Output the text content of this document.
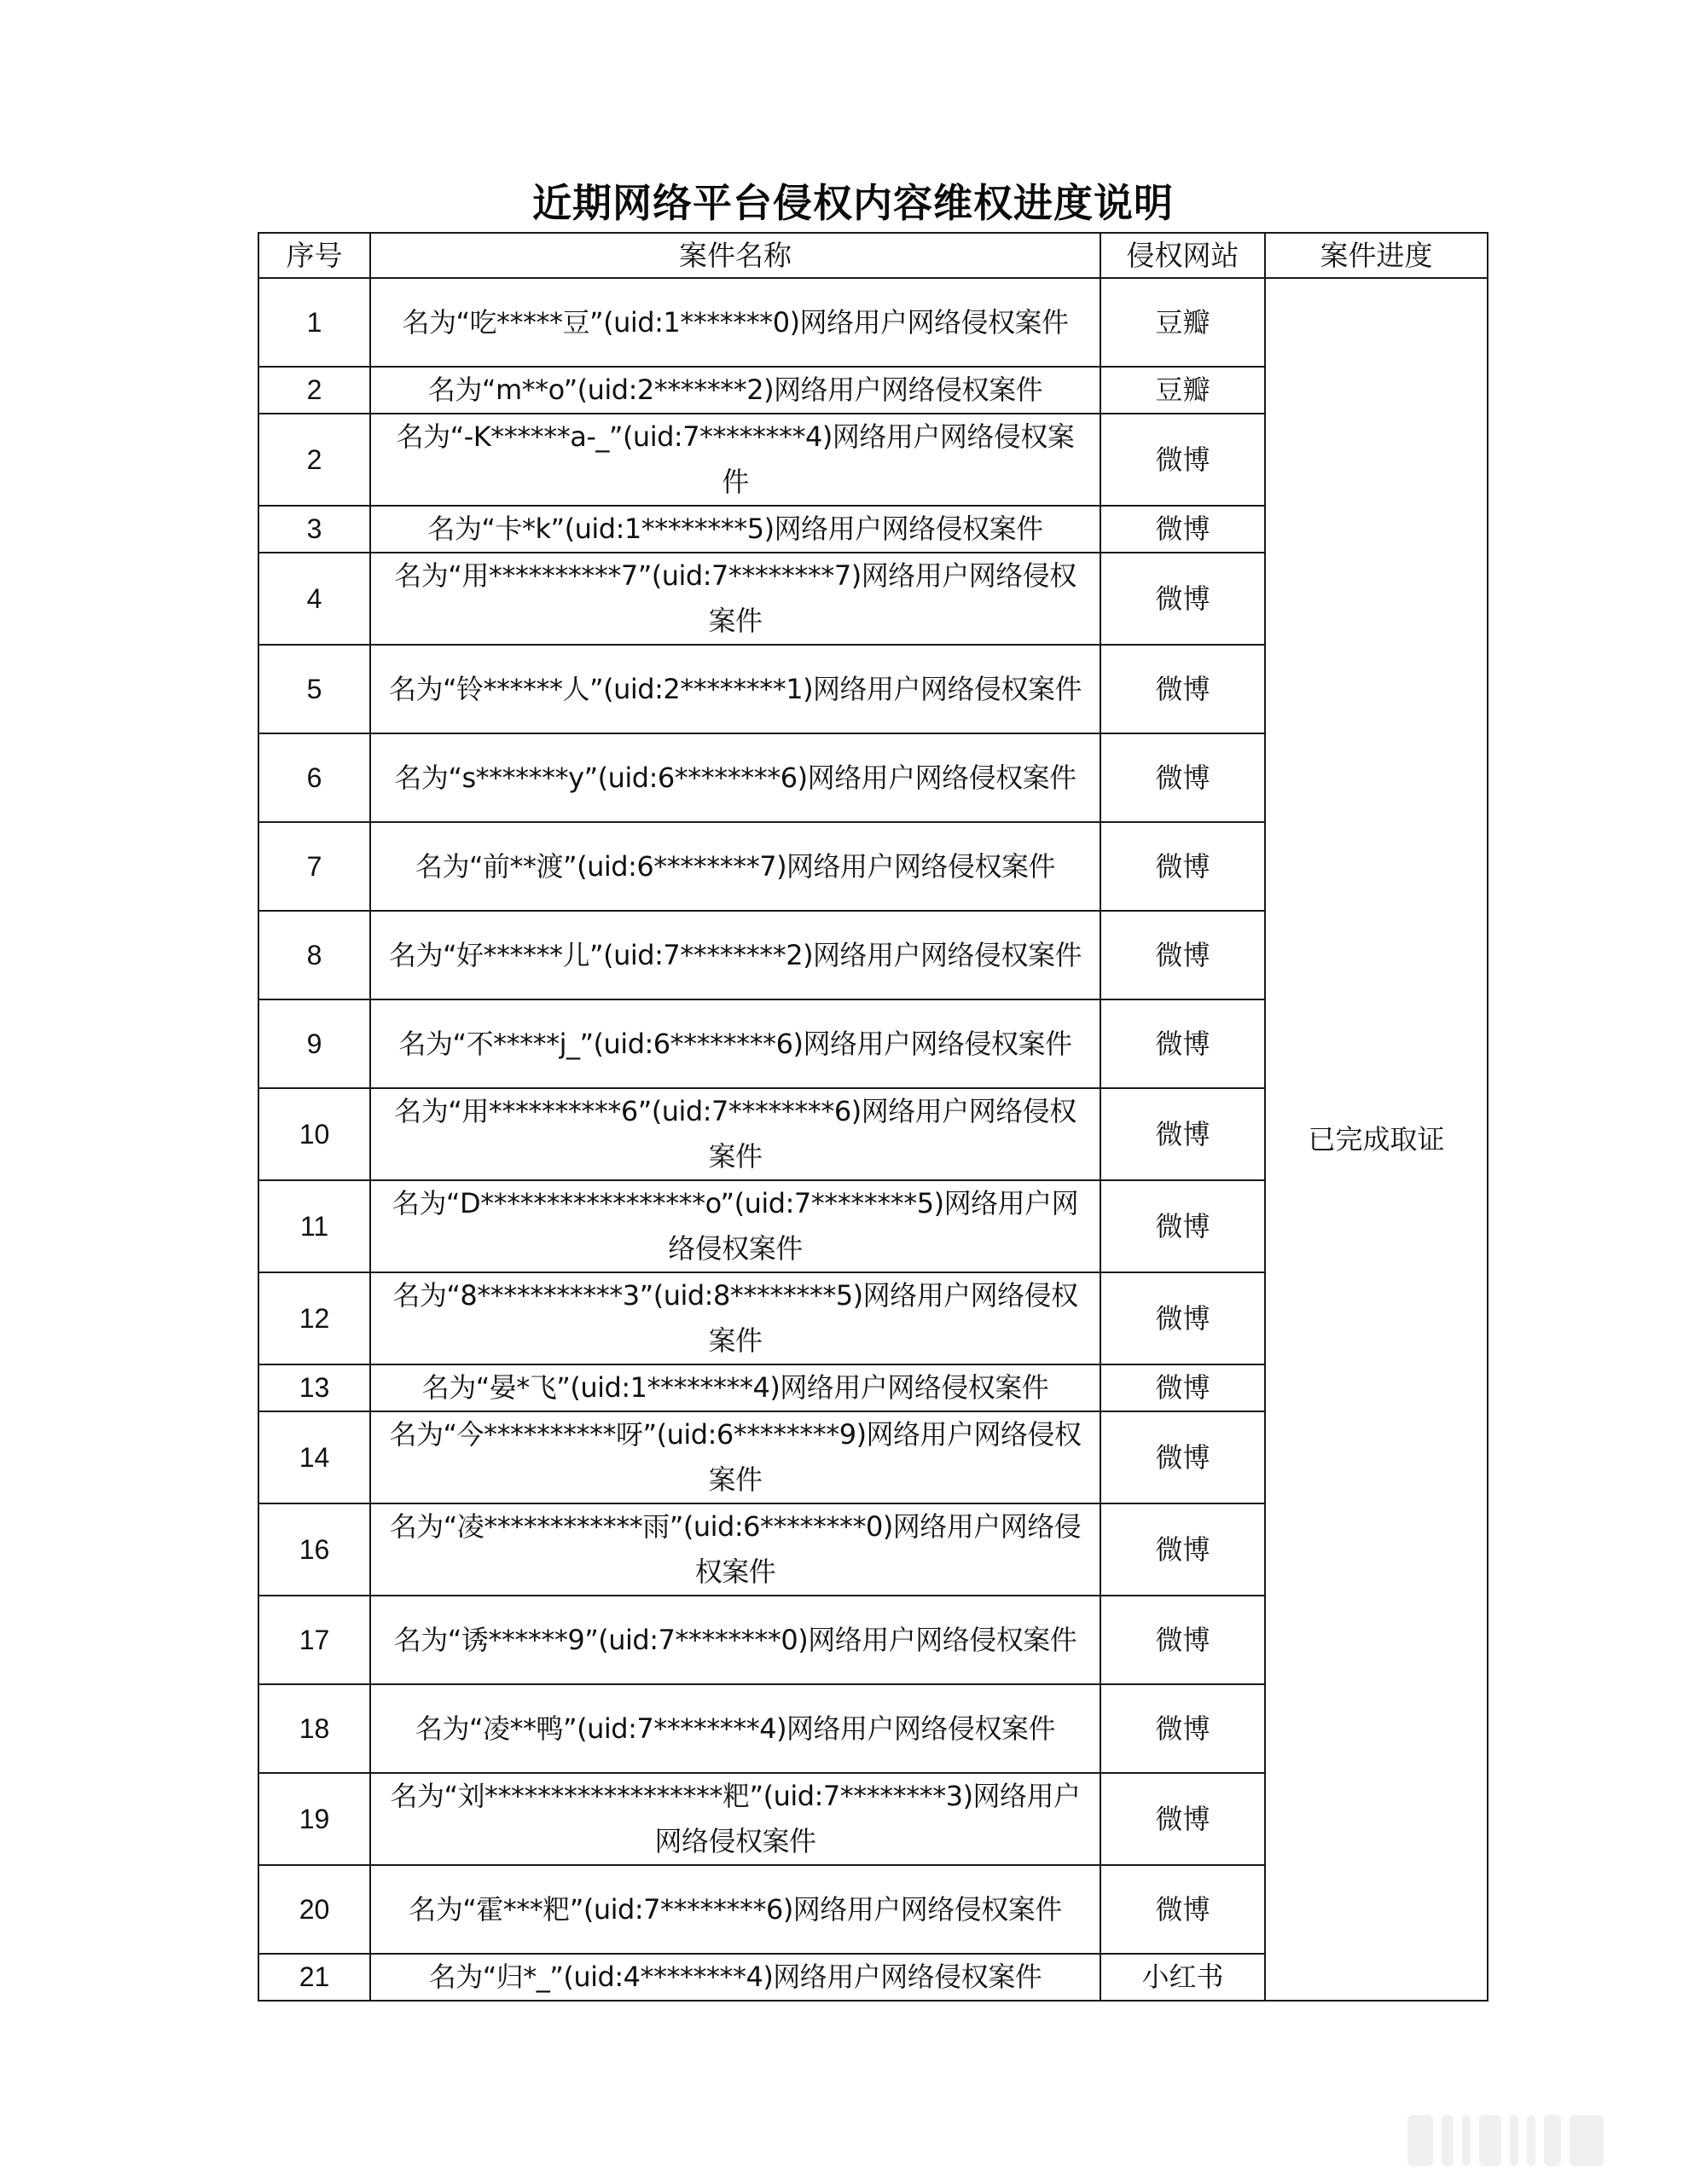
近期网络平台侵权内容维权进度说明
序号	案件名称	侵权网站	案件进度
1	名为“吃*****豆”(uid:1*******0)网络用户网络侵权案件	豆瓣	已完成取证
2	名为“m**o”(uid:2*******2)网络用户网络侵权案件	豆瓣	
2	名为“-K******a-_”(uid:7********4)网络用户网络侵权案件	微博	
3	名为“卡*k”(uid:1********5)网络用户网络侵权案件	微博	
4	名为“用**********7”(uid:7********7)网络用户网络侵权案件	微博	
5	名为“铃******人”(uid:2********1)网络用户网络侵权案件	微博	
6	名为“s*******y”(uid:6********6)网络用户网络侵权案件	微博	
7	名为“前**渡”(uid:6********7)网络用户网络侵权案件	微博	
8	名为“好******儿”(uid:7********2)网络用户网络侵权案件	微博	
9	名为“不*****j_”(uid:6********6)网络用户网络侵权案件	微博	
10	名为“用**********6”(uid:7********6)网络用户网络侵权案件	微博	
11	名为“D*****************o”(uid:7********5)网络用户网络侵权案件	微博	
12	名为“8***********3”(uid:8********5)网络用户网络侵权案件	微博	
13	名为“晏*飞”(uid:1********4)网络用户网络侵权案件	微博	
14	名为“今**********呀”(uid:6********9)网络用户网络侵权案件	微博	
16	名为“凌************雨”(uid:6********0)网络用户网络侵权案件	微博	
17	名为“诱******9”(uid:7********0)网络用户网络侵权案件	微博	
18	名为“凌**鸭”(uid:7********4)网络用户网络侵权案件	微博	
19	名为“刘******************粑”(uid:7********3)网络用户网络侵权案件	微博	
20	名为“霍***粑”(uid:7********6)网络用户网络侵权案件	微博	
21	名为“归*_”(uid:4********4)网络用户网络侵权案件	小红书	
